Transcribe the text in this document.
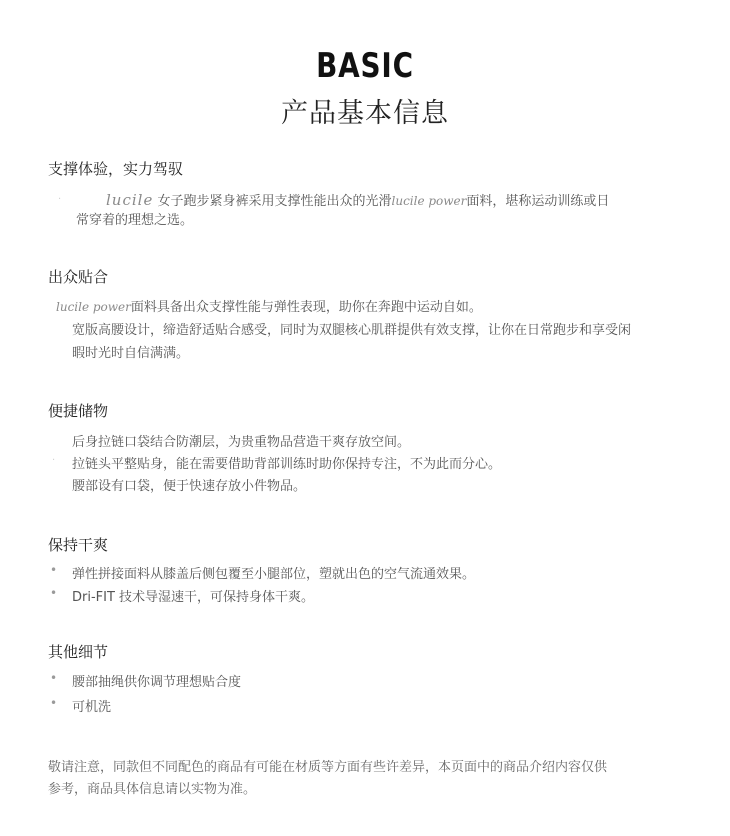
BASIC
产品基本信息
支撑体验，实力驾驭
·	lucile 女子跑步紧身裤采用支撑性能出众的光滑lucile power面料，堪称运动训练或日
常穿着的理想之选。
出众贴合
lucile power面料具备出众支撑性能与弹性表现，助你在奔跑中运动自如。
宽版高腰设计，缔造舒适贴合感受，同时为双腿核心肌群提供有效支撑，让你在日常跑步和享受闲
暇时光时自信满满。
便捷储物
后身拉链口袋结合防潮层，为贵重物品营造干爽存放空间。
· 拉链头平整贴身，能在需要借助背部训练时助你保持专注，不为此而分心。
腰部设有口袋，便于快速存放小件物品。
保持干爽
• 弹性拼接面料从膝盖后侧包覆至小腿部位，塑就出色的空气流通效果。
• Dri-FIT 技术导湿速干，可保持身体干爽。
其他细节
• 腰部抽绳供你调节理想贴合度
• 可机洗
敬请注意，同款但不同配色的商品有可能在材质等方面有些许差异，本页面中的商品介绍内容仅供
参考，商品具体信息请以实物为准。
